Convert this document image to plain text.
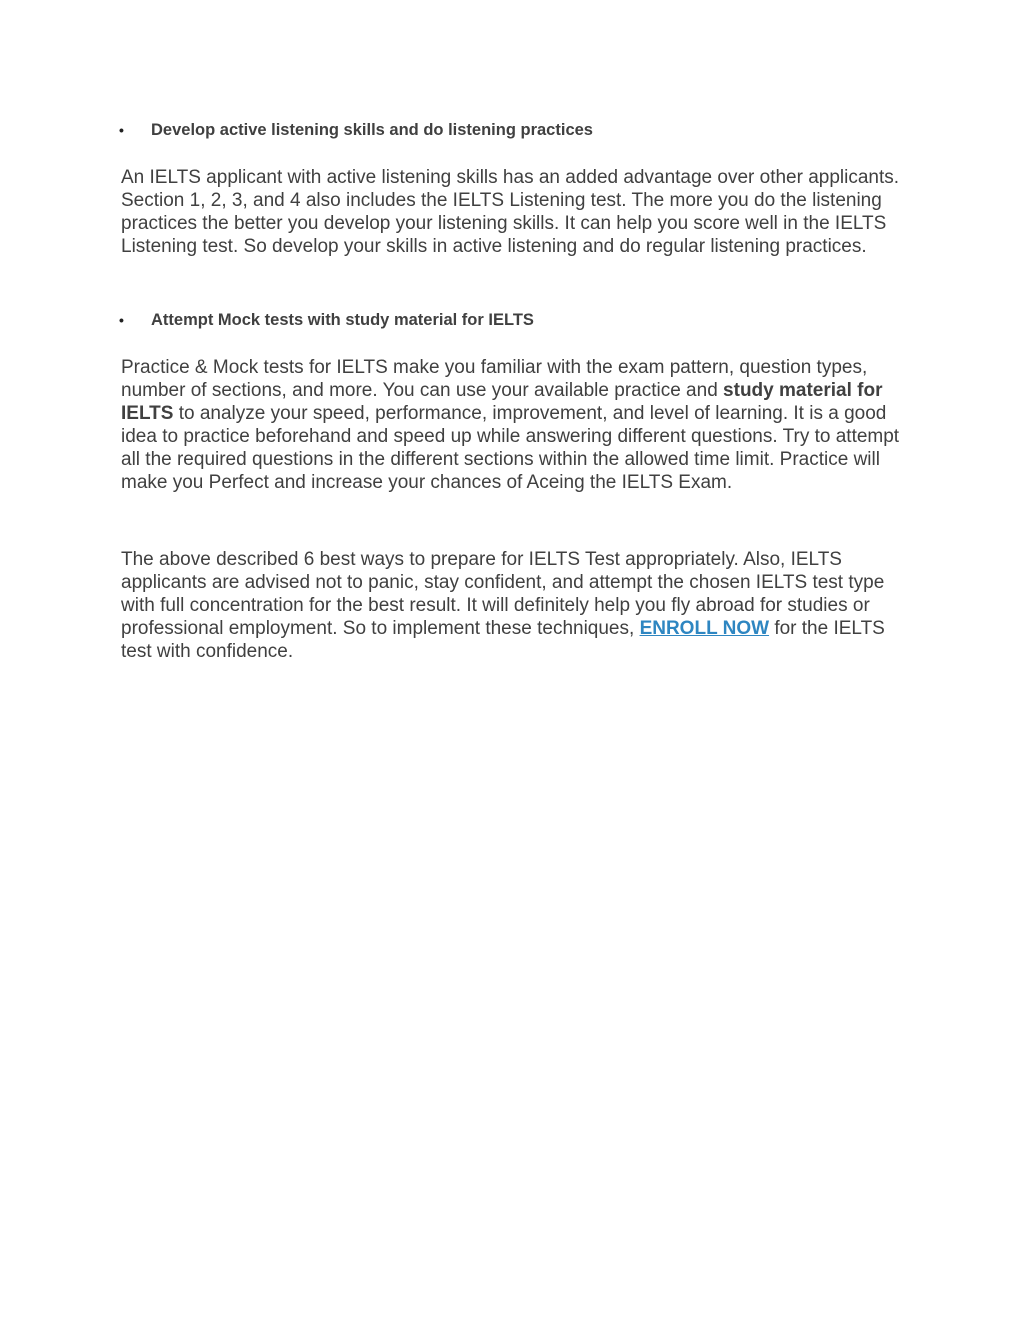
•	Develop active listening skills and do listening practices

An IELTS applicant with active listening skills has an added advantage over other applicants. Section 1, 2, 3, and 4 also includes the IELTS Listening test. The more you do the listening practices the better you develop your listening skills. It can help you score well in the IELTS Listening test. So develop your skills in active listening and do regular listening practices.

•	Attempt Mock tests with study material for IELTS

Practice & Mock tests for IELTS make you familiar with the exam pattern, question types, number of sections, and more. You can use your available practice and study material for IELTS to analyze your speed, performance, improvement, and level of learning. It is a good idea to practice beforehand and speed up while answering different questions. Try to attempt all the required questions in the different sections within the allowed time limit. Practice will make you Perfect and increase your chances of Aceing the IELTS Exam.

The above described 6 best ways to prepare for IELTS Test appropriately. Also, IELTS applicants are advised not to panic, stay confident, and attempt the chosen IELTS test type with full concentration for the best result. It will definitely help you fly abroad for studies or professional employment. So to implement these techniques, ENROLL NOW for the IELTS test with confidence.
